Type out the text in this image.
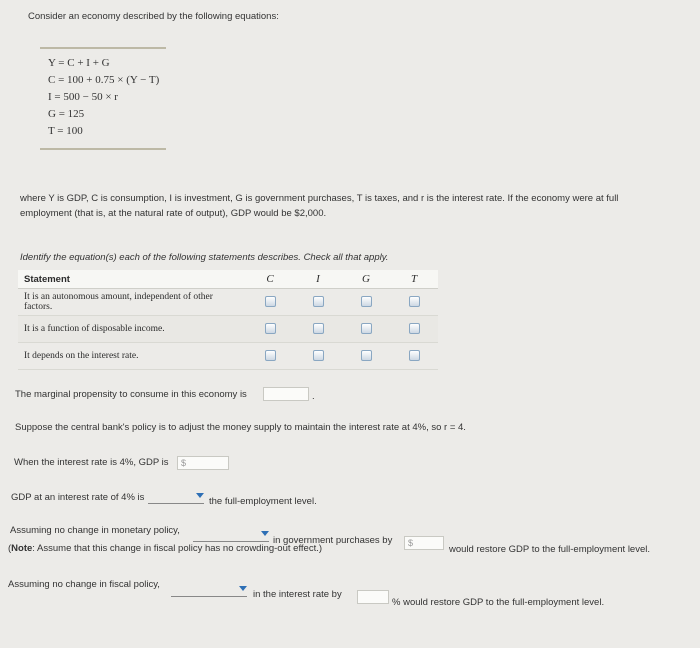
Consider an economy described by the following equations:
Y = C + I + G
C = 100 + 0.75 × (Y − T)
I = 500 − 50 × r
G = 125
T = 100
where Y is GDP, C is consumption, I is investment, G is government purchases, T is taxes, and r is the interest rate. If the economy were at full
employment (that is, at the natural rate of output), GDP would be $2,000.
Identify the equation(s) each of the following statements describes. Check all that apply.
Statement	C	I	G	T
It is an autonomous amount, independent of other factors.				
It is a function of disposable income.				
It depends on the interest rate.				
The marginal propensity to consume in this economy is	.
Suppose the central bank's policy is to adjust the money supply to maintain the interest rate at 4%, so r = 4.
When the interest rate is 4%, GDP is	$
GDP at an interest rate of 4% is	the full-employment level.
Assuming no change in monetary policy,
in government purchases by	$
would restore GDP to the full-employment level.
(Note: Assume that this change in fiscal policy has no crowding-out effect.)
Assuming no change in fiscal policy,
in the interest rate by
% would restore GDP to the full-employment level.
